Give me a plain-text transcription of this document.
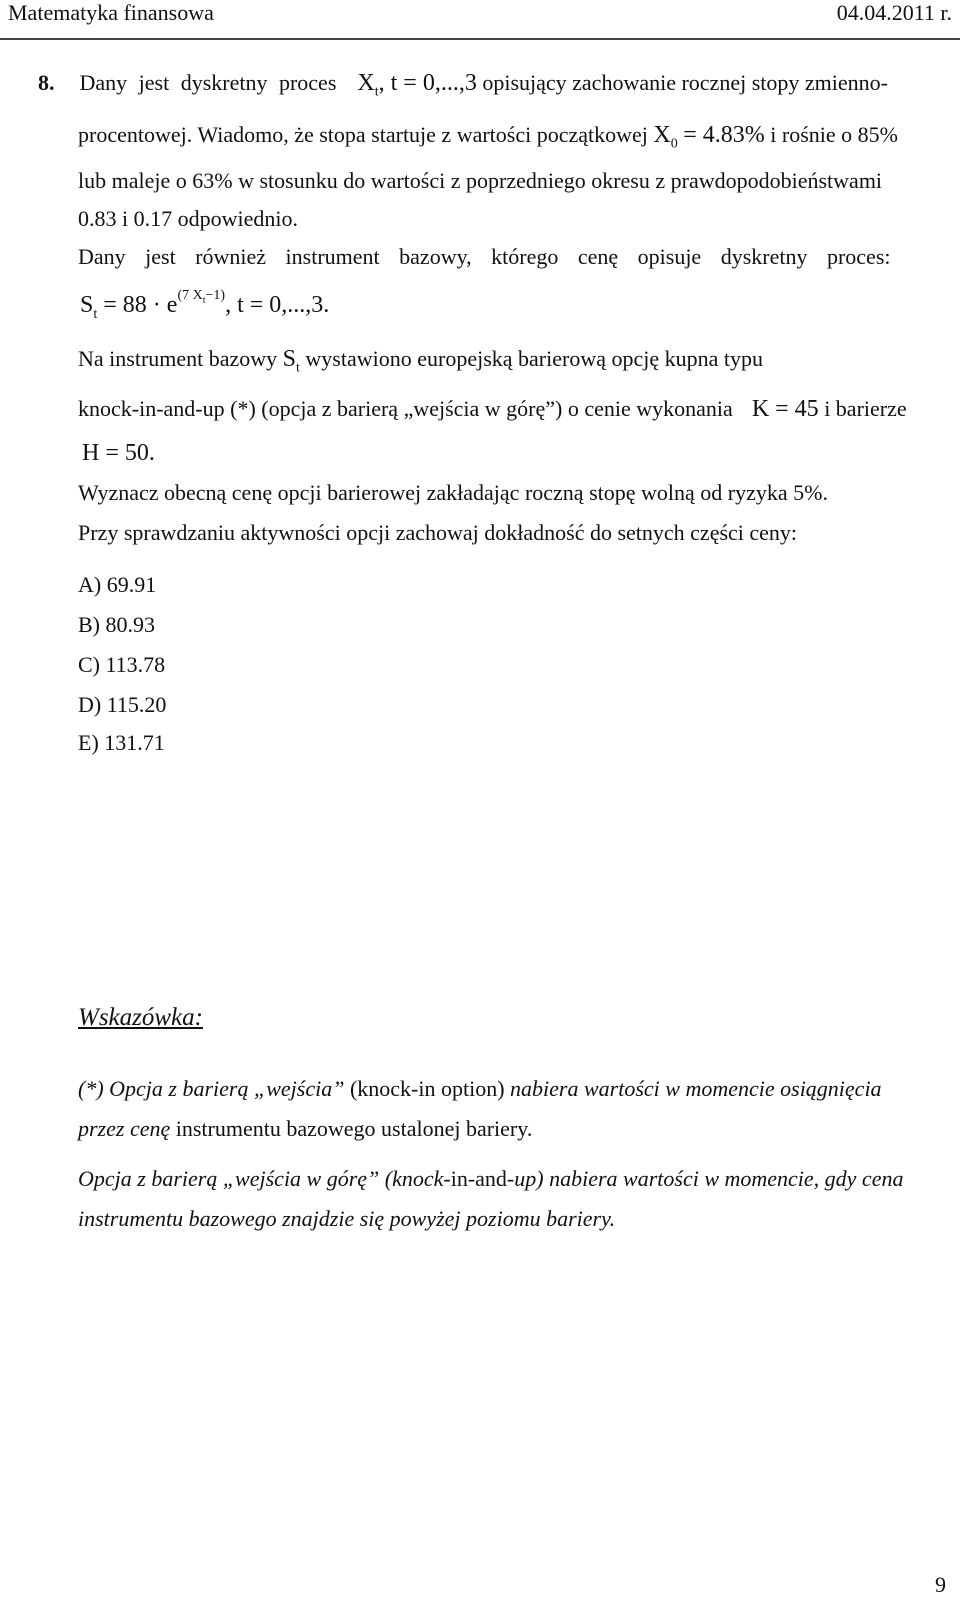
Matematyka finansowa	04.04.2011 r.
8. Dany jest dyskretny proces $X_t$, t = 0,...,3 opisujący zachowanie rocznej stopy zmienno-
procentowej. Wiadomo, że stopa startuje z wartości początkowej $X_0 = 4.83\%$ i rośnie o 85%
lub maleje o 63% w stosunku do wartości z poprzedniego okresu z prawdopodobieństwami
0.83 i 0.17 odpowiednio.
Dany jest również instrument bazowy, którego cenę opisuje dyskretny proces:
$S_t = 88 \cdot e^{(7 X_t-1)}$, t = 0,...,3.
Na instrument bazowy $S_t$ wystawiono europejską barierową opcję kupna typu
knock-in-and-up (*) (opcja z barierą „wejścia w górę”) o cenie wykonania K = 45 i barierze
H = 50.
Wyznacz obecną cenę opcji barierowej zakładając roczną stopę wolną od ryzyka 5%.
Przy sprawdzaniu aktywności opcji zachowaj dokładność do setnych części ceny:
A) 69.91
B) 80.93
C) 113.78
D) 115.20
E) 131.71
Wskazówka:
(*) Opcja z barierą „wejścia” (knock-in option) nabiera wartości w momencie osiągnięcia
przez cenę instrumentu bazowego ustalonej bariery.
Opcja z barierą „wejścia w górę” (knock-in-and-up) nabiera wartości w momencie, gdy cena
instrumentu bazowego znajdzie się powyżej poziomu bariery.
9
